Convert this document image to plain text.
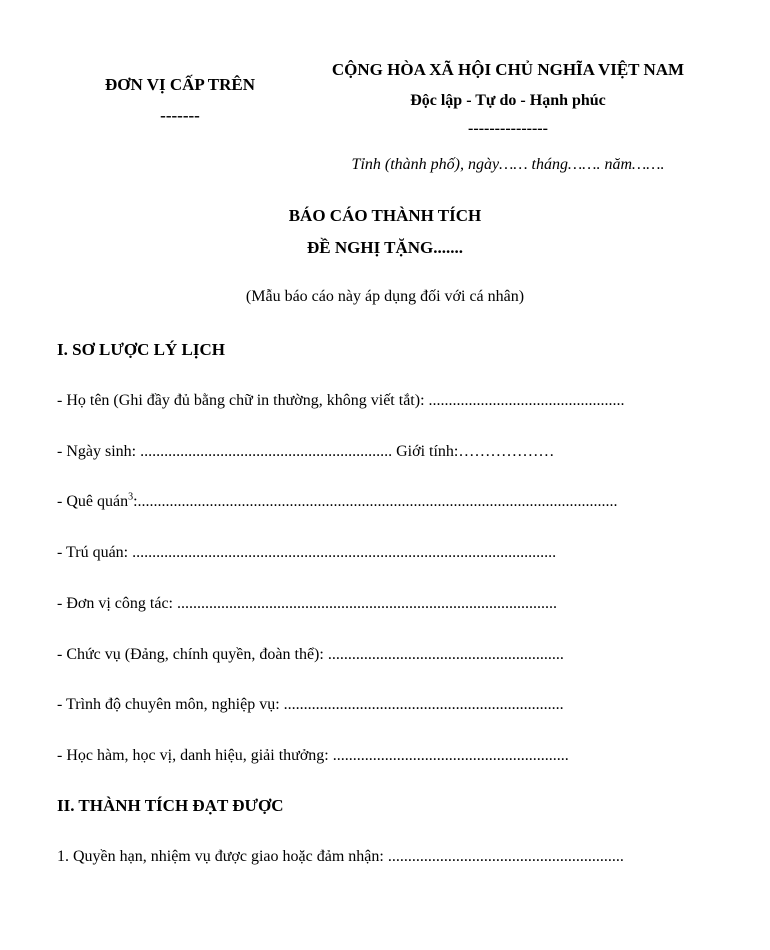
ĐƠN VỊ CẤP TRÊN
-------
CỘNG HÒA XÃ HỘI CHỦ NGHĨA VIỆT NAM
Độc lập - Tự do - Hạnh phúc
---------------
Tỉnh (thành phố), ngày…… tháng……. năm…….
BÁO CÁO THÀNH TÍCH
ĐỀ NGHỊ TẶNG.......
(Mẫu báo cáo này áp dụng đối với cá nhân)
I. SƠ LƯỢC LÝ LỊCH
- Họ tên (Ghi đầy đủ bằng chữ in thường, không viết tắt): .................................................
- Ngày sinh: ............................................................... Giới tính:………………
- Quê quán$^3$:........................................................................................................................
- Trú quán: ..........................................................................................................
- Đơn vị công tác: ...............................................................................................
- Chức vụ (Đảng, chính quyền, đoàn thể): ...........................................................
- Trình độ chuyên môn, nghiệp vụ: ......................................................................
- Học hàm, học vị, danh hiệu, giải thưởng: ...........................................................
II. THÀNH TÍCH ĐẠT ĐƯỢC
1. Quyền hạn, nhiệm vụ được giao hoặc đảm nhận: ...........................................................
